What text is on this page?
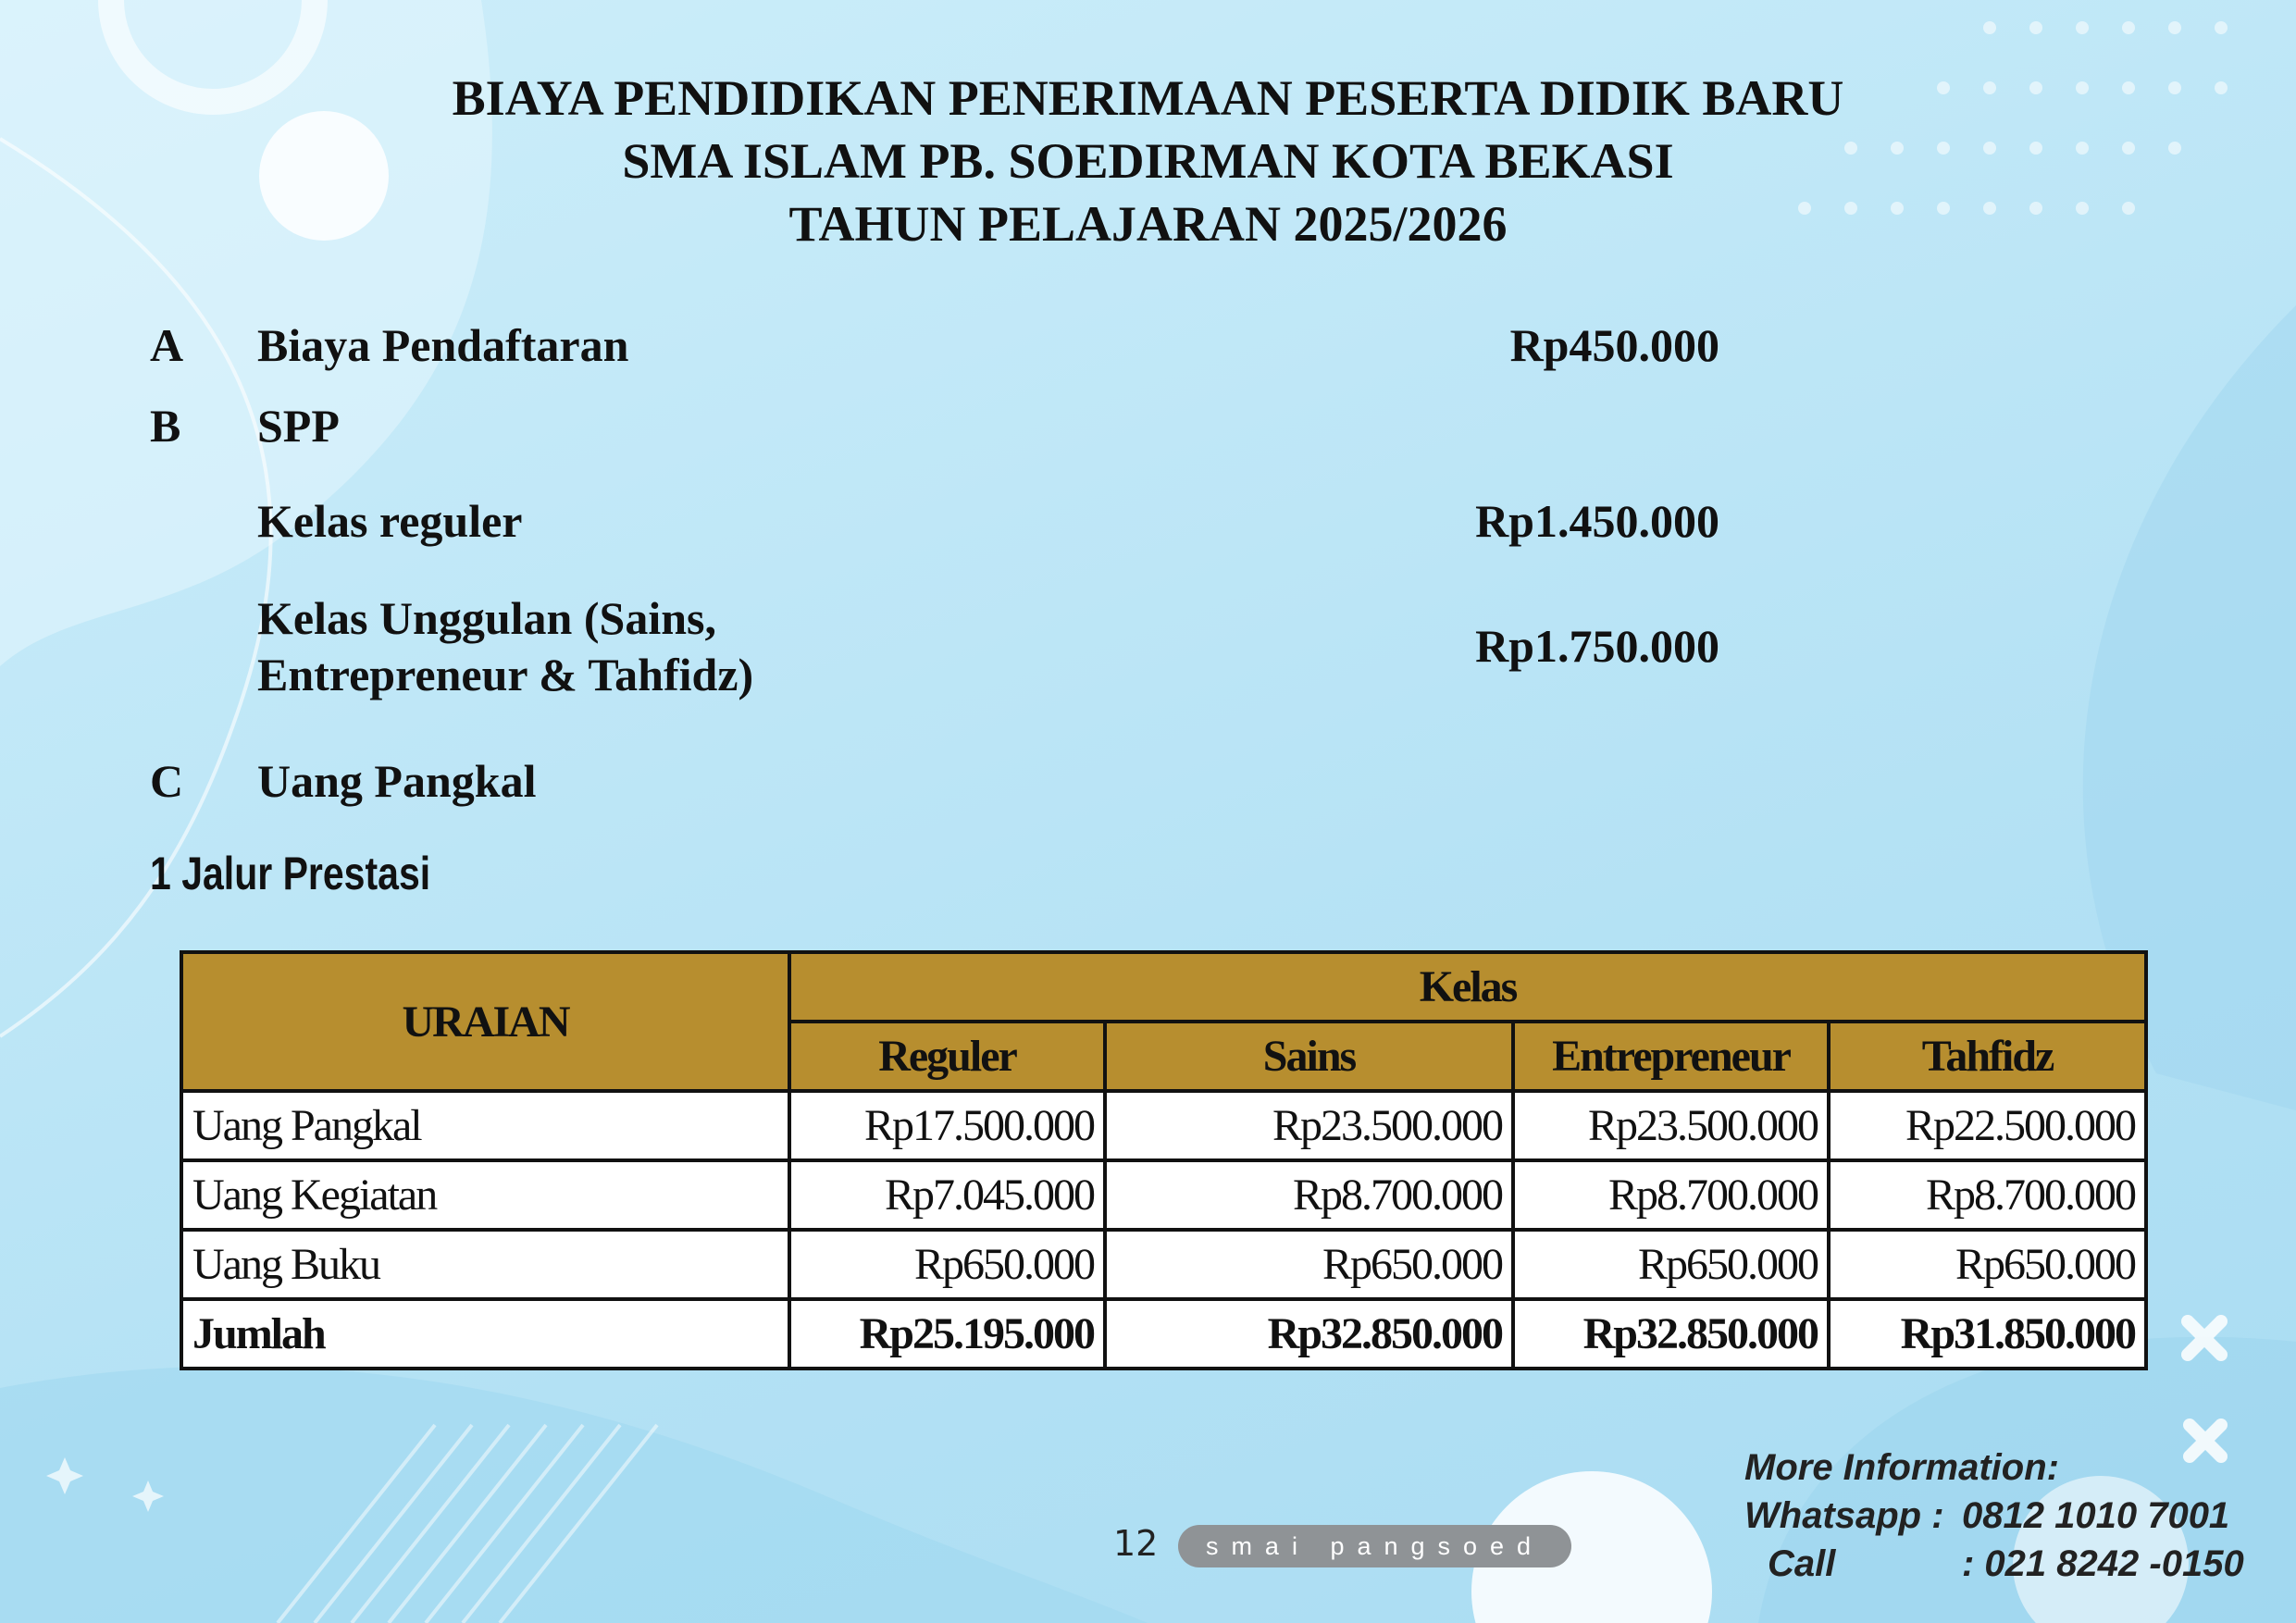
BIAYA PENDIDIKAN PENERIMAAN PESERTA DIDIK BARU
SMA ISLAM PB. SOEDIRMAN KOTA BEKASI
TAHUN PELAJARAN 2025/2026
A Biaya Pendaftaran	Rp450.000
B SPP
Kelas reguler	Rp1.450.000
Kelas Unggulan (Sains,
Entrepreneur & Tahfidz)
Rp1.750.000
C Uang Pangkal
1 Jalur Prestasi
URAIAN	Kelas			
	Reguler	Sains	Entrepreneur	Tahfidz
Uang Pangkal	Rp17.500.000	Rp23.500.000	Rp23.500.000	Rp22.500.000
Uang Kegiatan	Rp7.045.000	Rp8.700.000	Rp8.700.000	Rp8.700.000
Uang Buku	Rp650.000	Rp650.000	Rp650.000	Rp650.000
Jumlah	Rp25.195.000	Rp32.850.000	Rp32.850.000	Rp31.850.000
12	smai pangsoed
More Information:
Whatsapp : 0812 1010 7001
Call	: 021 8242 -0150
